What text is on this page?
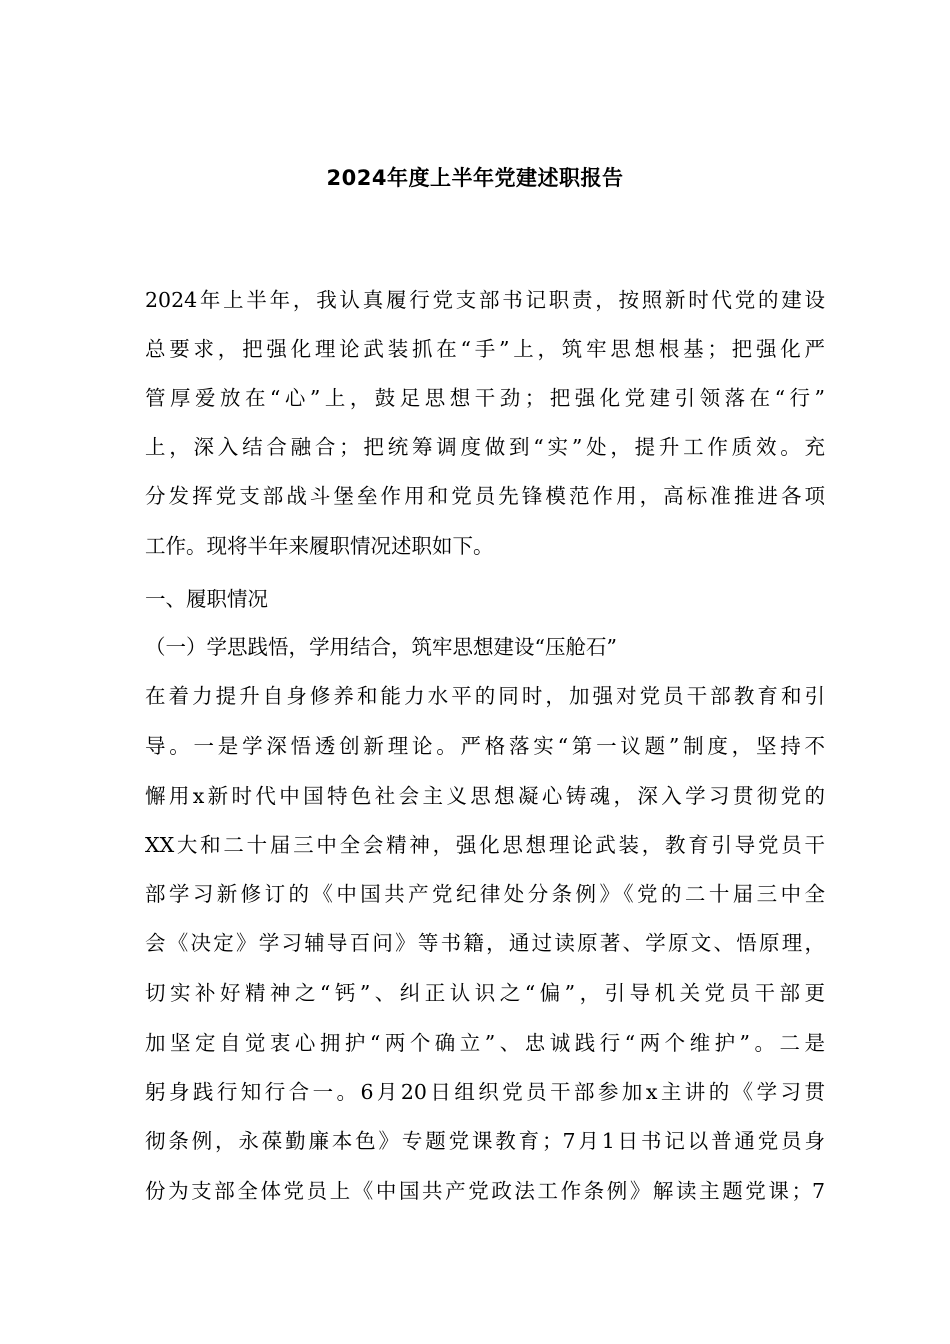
2024年度上半年党建述职报告
2024年上半年，我认真履行党支部书记职责，按照新时代党的建设
总要求，把强化理论武装抓在“手”上，筑牢思想根基；把强化严
管厚爱放在“心”上，鼓足思想干劲；把强化党建引领落在“行”
上，深入结合融合；把统筹调度做到“实”处，提升工作质效。充
分发挥党支部战斗堡垒作用和党员先锋模范作用，高标准推进各项
工作。现将半年来履职情况述职如下。
一、履职情况
（一）学思践悟，学用结合，筑牢思想建设“压舱石”
在着力提升自身修养和能力水平的同时，加强对党员干部教育和引
导。一是学深悟透创新理论。严格落实“第一议题”制度，坚持不
懈用x新时代中国特色社会主义思想凝心铸魂，深入学习贯彻党的
XX大和二十届三中全会精神，强化思想理论武装，教育引导党员干
部学习新修订的《中国共产党纪律处分条例》《党的二十届三中全
会《决定》学习辅导百问》等书籍，通过读原著、学原文、悟原理，
切实补好精神之“钙”、纠正认识之“偏”，引导机关党员干部更
加坚定自觉衷心拥护“两个确立”、忠诚践行“两个维护”。二是
躬身践行知行合一。6月20日组织党员干部参加x主讲的《学习贯
彻条例，永葆勤廉本色》专题党课教育；7月1日书记以普通党员身
份为支部全体党员上《中国共产党政法工作条例》解读主题党课；7
